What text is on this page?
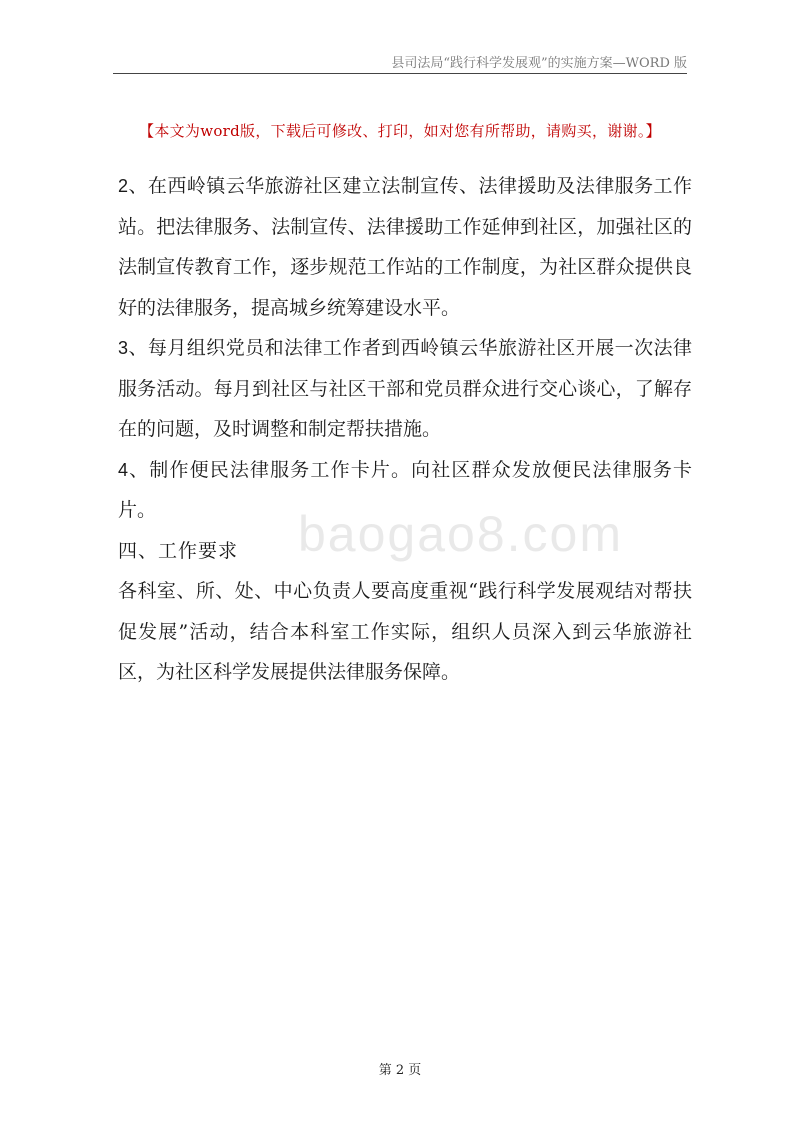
县司法局“践行科学发展观”的实施方案—WORD 版
【本文为word版，下载后可修改、打印，如对您有所帮助，请购买，谢谢。】
baogao8.com

2、在西岭镇云华旅游社区建立法制宣传、法律援助及法律服务工作站。把法律服务、法制宣传、法律援助工作延伸到社区，加强社区的法制宣传教育工作，逐步规范工作站的工作制度，为社区群众提供良好的法律服务，提高城乡统筹建设水平。

3、每月组织党员和法律工作者到西岭镇云华旅游社区开展一次法律服务活动。每月到社区与社区干部和党员群众进行交心谈心，了解存在的问题，及时调整和制定帮扶措施。

4、制作便民法律服务工作卡片。向社区群众发放便民法律服务卡片。

四、工作要求

各科室、所、处、中心负责人要高度重视“践行科学发展观结对帮扶促发展”活动，结合本科室工作实际，组织人员深入到云华旅游社区，为社区科学发展提供法律服务保障。

第 2 页
